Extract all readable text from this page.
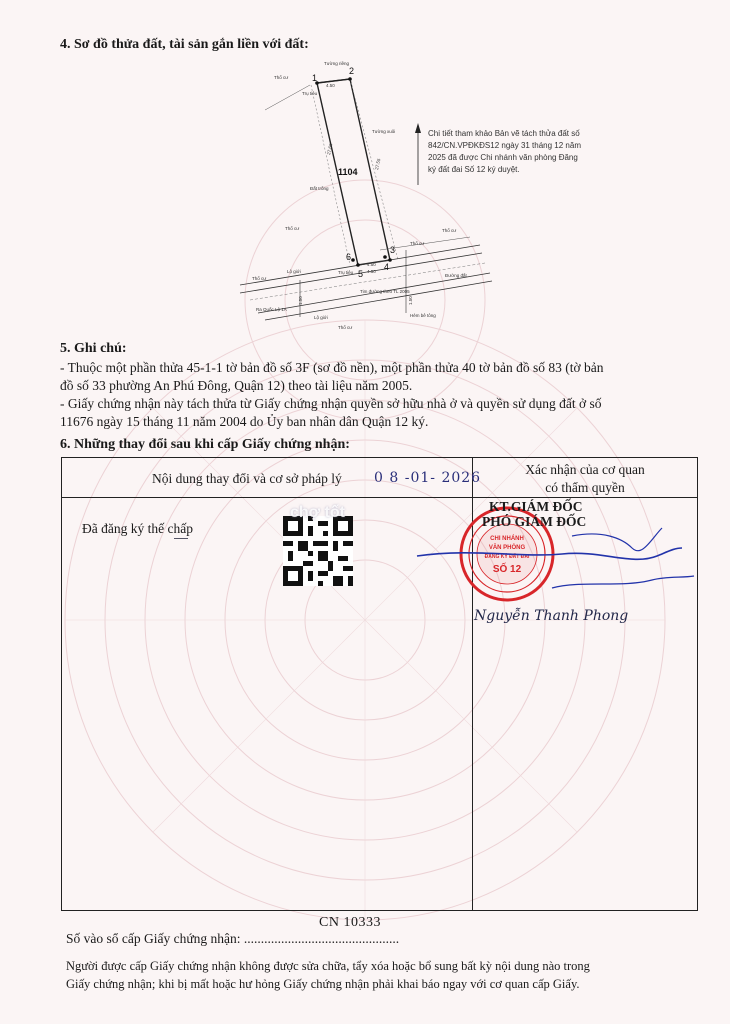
4. Sơ đồ thửa đất, tài sản gắn liền với đất:
1
2
3
4
5
6
1104
Tường riêng
Tường xuôi
Thổ cư
Trụ tiêu
4.50
Đất trống
Thổ cư	Thổ cư
Thổ cư
Thổ cư
Lộ giới	Trụ tiêu	4.50
4.50
Tim đường theo TL 2005
Đường đất
Ra Quốc Lộ 1A
Lộ giới
Thổ cư
Hẻm bê tông
27.60
27.55
1.50	1.50
Chi tiết tham khảo Bản vẽ tách thửa đất số 842/CN.VPĐKĐS12 ngày 31 tháng 12 năm 2025 đã được Chi nhánh văn phòng Đăng ký đất đai Số 12 ký duyệt.
5. Ghi chú:
- Thuộc một phần thửa 45-1-1 tờ bản đồ số 3F (sơ đồ nền), một phần thửa 40 tờ bản đồ số 83 (tờ bản
đồ số 33 phường An Phú Đông, Quận 12) theo tài liệu năm 2005.
- Giấy chứng nhận này tách thửa từ Giấy chứng nhận quyền sở hữu nhà ở và quyền sử dụng đất ở số
11676 ngày 15 tháng 11 năm 2004 do Ủy ban nhân dân Quận 12 ký.
6. Những thay đổi sau khi cấp Giấy chứng nhận:
Nội dung thay đổi và cơ sở pháp lý
Xác nhận của cơ quan
có thẩm quyền
0 8 -01- 2026
Đã đăng ký thế chấp
chợ tốt
CHI NHÁNH
VĂN PHÒNG
ĐĂNG KÝ ĐẤT ĐAI
SỐ 12
KT.GIÁM ĐỐC
PHÓ GIÁM ĐỐC
Nguyễn Thanh Phong
CN 10333
Số vào sổ cấp Giấy chứng nhận: ..............................................
Người được cấp Giấy chứng nhận không được sửa chữa, tẩy xóa hoặc bổ sung bất kỳ nội dung nào trong
Giấy chứng nhận; khi bị mất hoặc hư hỏng Giấy chứng nhận phải khai báo ngay với cơ quan cấp Giấy.
